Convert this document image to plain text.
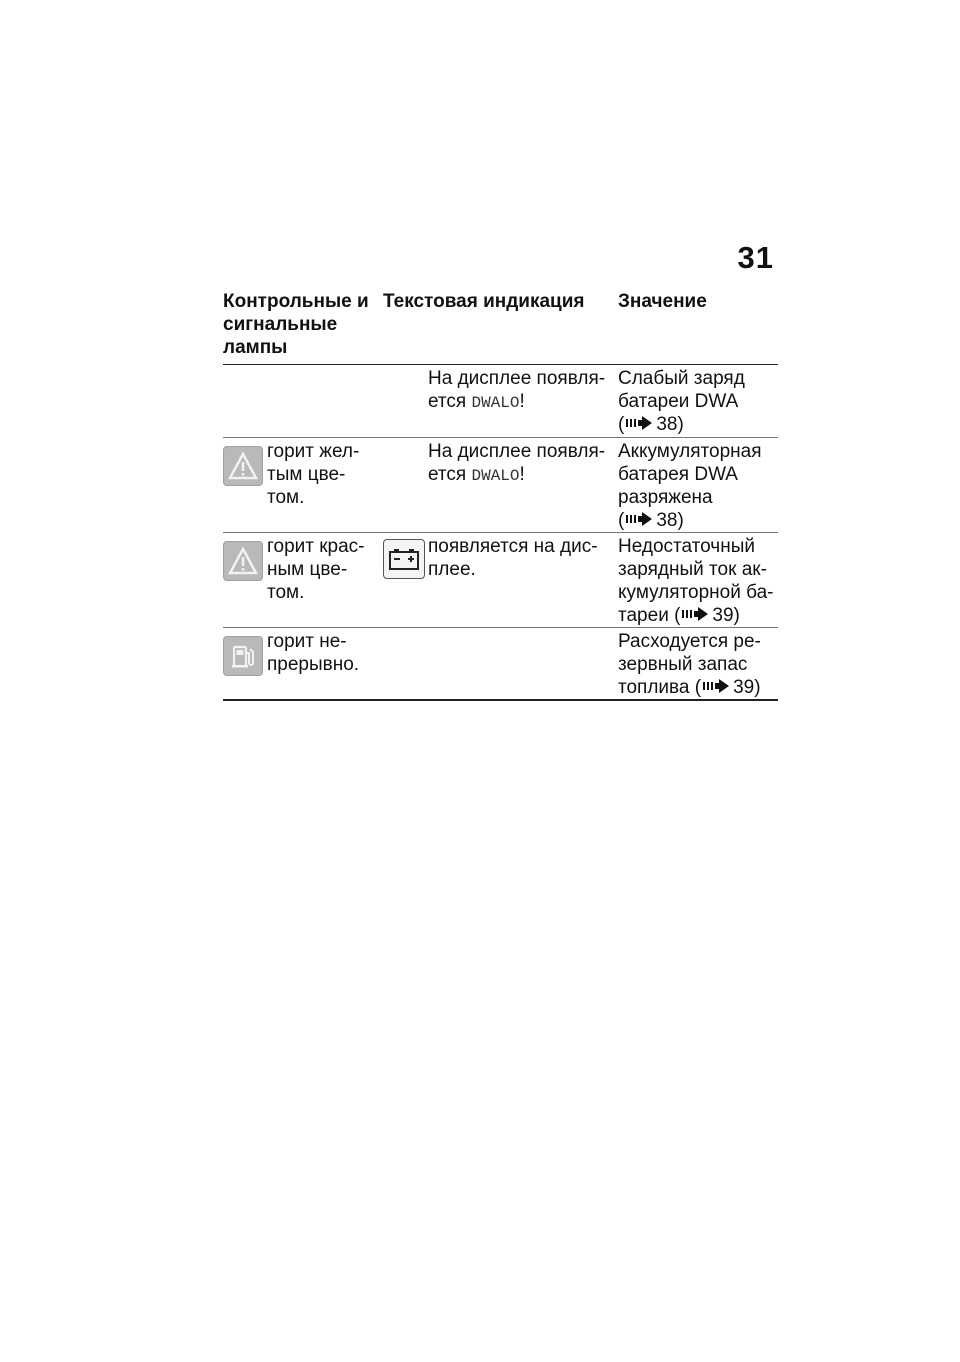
31
Контрольные и сигнальные лампы
Текстовая индикация	Значение
На дисплее появля-
ется DWALO!
Слабый заряд
батареи DWA
( 38)
горит жел-
тым цве-
том.
На дисплее появля-
ется DWALO!
Аккумуляторная
батарея DWA
разряжена
( 38)
горит крас-
ным цве-
том.
появляется на дис-
плее.
Недостаточный
зарядный ток ак-
кумуляторной ба-
тареи ( 39)
горит не-
прерывно.
Расходуется ре-
зервный запас
топлива ( 39)
